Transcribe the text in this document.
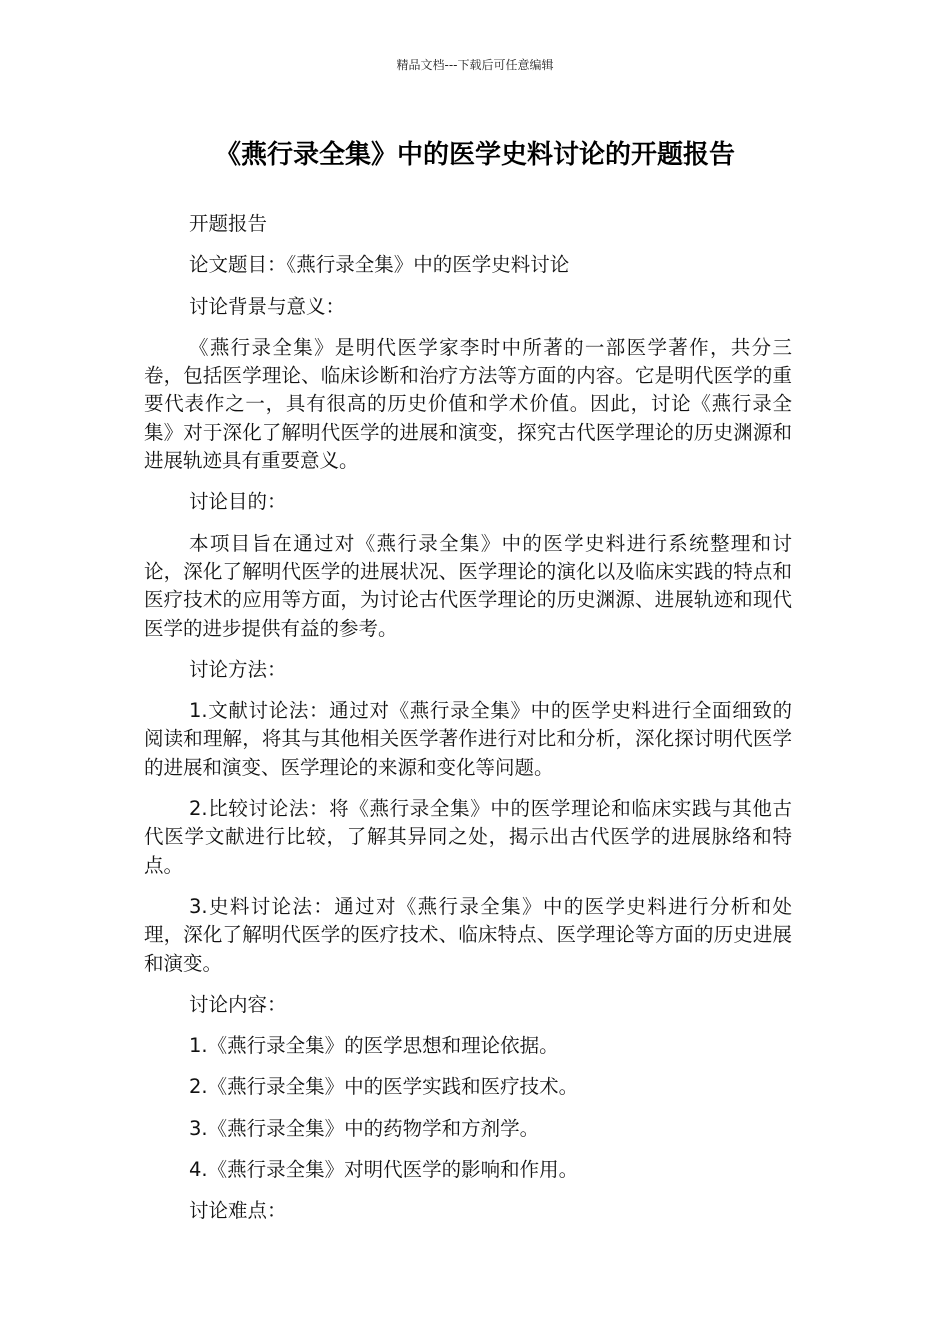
精品文档---下载后可任意编辑
《燕行录全集》中的医学史料讨论的开题报告

开题报告

论文题目：《燕行录全集》中的医学史料讨论

讨论背景与意义：

《燕行录全集》是明代医学家李时中所著的一部医学著作，共分三卷，包括医学理论、临床诊断和治疗方法等方面的内容。它是明代医学的重要代表作之一，具有很高的历史价值和学术价值。因此，讨论《燕行录全集》对于深化了解明代医学的进展和演变，探究古代医学理论的历史渊源和进展轨迹具有重要意义。

讨论目的：

本项目旨在通过对《燕行录全集》中的医学史料进行系统整理和讨论，深化了解明代医学的进展状况、医学理论的演化以及临床实践的特点和医疗技术的应用等方面，为讨论古代医学理论的历史渊源、进展轨迹和现代医学的进步提供有益的参考。

讨论方法：

1.文献讨论法：通过对《燕行录全集》中的医学史料进行全面细致的阅读和理解，将其与其他相关医学著作进行对比和分析，深化探讨明代医学的进展和演变、医学理论的来源和变化等问题。

2.比较讨论法：将《燕行录全集》中的医学理论和临床实践与其他古代医学文献进行比较，了解其异同之处，揭示出古代医学的进展脉络和特点。

3.史料讨论法：通过对《燕行录全集》中的医学史料进行分析和处理，深化了解明代医学的医疗技术、临床特点、医学理论等方面的历史进展和演变。

讨论内容：

1.《燕行录全集》的医学思想和理论依据。

2.《燕行录全集》中的医学实践和医疗技术。

3.《燕行录全集》中的药物学和方剂学。

4.《燕行录全集》对明代医学的影响和作用。

讨论难点：
